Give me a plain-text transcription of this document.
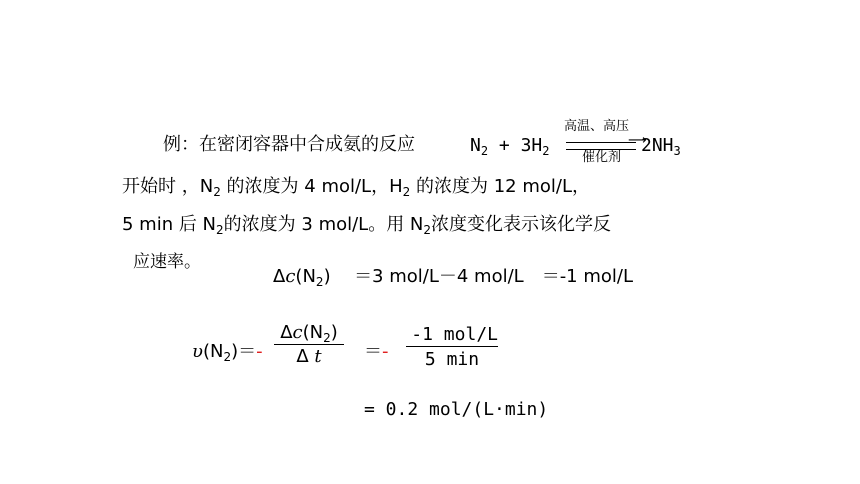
例：在密闭容器中合成氨的反应	$N_2 + 3H_2$
高温、高压
⟶
催化剂
$2NH_3$
开始时 ，$N_2$ 的浓度为 4 mol/L，$H_2$ 的浓度为 12 mol/L，
5 min 后 $N_2$的浓度为 3 mol/L。用 $N_2$浓度变化表示该化学反
应速率。
$\Delta c(N_2) =3$ mol/L－4 mol/L　＝-1 mol/L
$\upsilon(N_2)=-$
$\Delta c(N_2)$
Δ t	＝-
-1 mol/L
5 min
= 0.2 mol/(L·min)
